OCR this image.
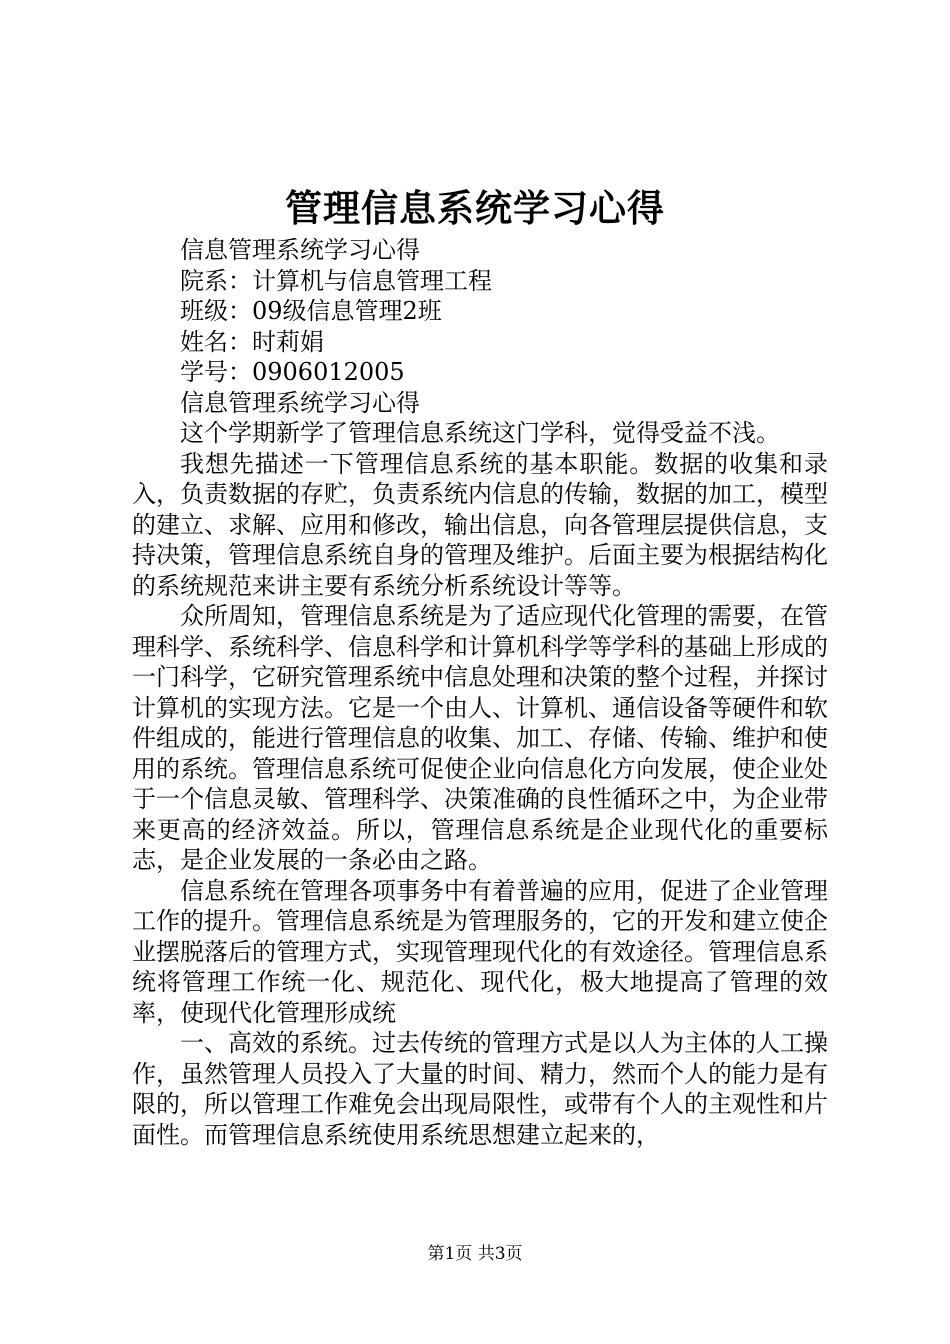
管理信息系统学习心得

信息管理系统学习心得

院系：计算机与信息管理工程

班级：09级信息管理2班

姓名：时莉娟

学号：0906012005

信息管理系统学习心得

这个学期新学了管理信息系统这门学科，觉得受益不浅。

我想先描述一下管理信息系统的基本职能。数据的收集和录入，负责数据的存贮，负责系统内信息的传输，数据的加工，模型的建立、求解、应用和修改，输出信息，向各管理层提供信息，支持决策，管理信息系统自身的管理及维护。后面主要为根据结构化的系统规范来讲主要有系统分析系统设计等等。

众所周知，管理信息系统是为了适应现代化管理的需要，在管理科学、系统科学、信息科学和计算机科学等学科的基础上形成的一门科学，它研究管理系统中信息处理和决策的整个过程，并探讨计算机的实现方法。它是一个由人、计算机、通信设备等硬件和软件组成的，能进行管理信息的收集、加工、存储、传输、维护和使用的系统。管理信息系统可促使企业向信息化方向发展，使企业处于一个信息灵敏、管理科学、决策准确的良性循环之中，为企业带来更高的经济效益。所以，管理信息系统是企业现代化的重要标志，是企业发展的一条必由之路。

信息系统在管理各项事务中有着普遍的应用，促进了企业管理工作的提升。管理信息系统是为管理服务的，它的开发和建立使企业摆脱落后的管理方式，实现管理现代化的有效途径。管理信息系统将管理工作统一化、规范化、现代化，极大地提高了管理的效率，使现代化管理形成统

一、高效的系统。过去传统的管理方式是以人为主体的人工操作，虽然管理人员投入了大量的时间、精力，然而个人的能力是有限的，所以管理工作难免会出现局限性，或带有个人的主观性和片面性。而管理信息系统使用系统思想建立起来的，

第1页 共3页
